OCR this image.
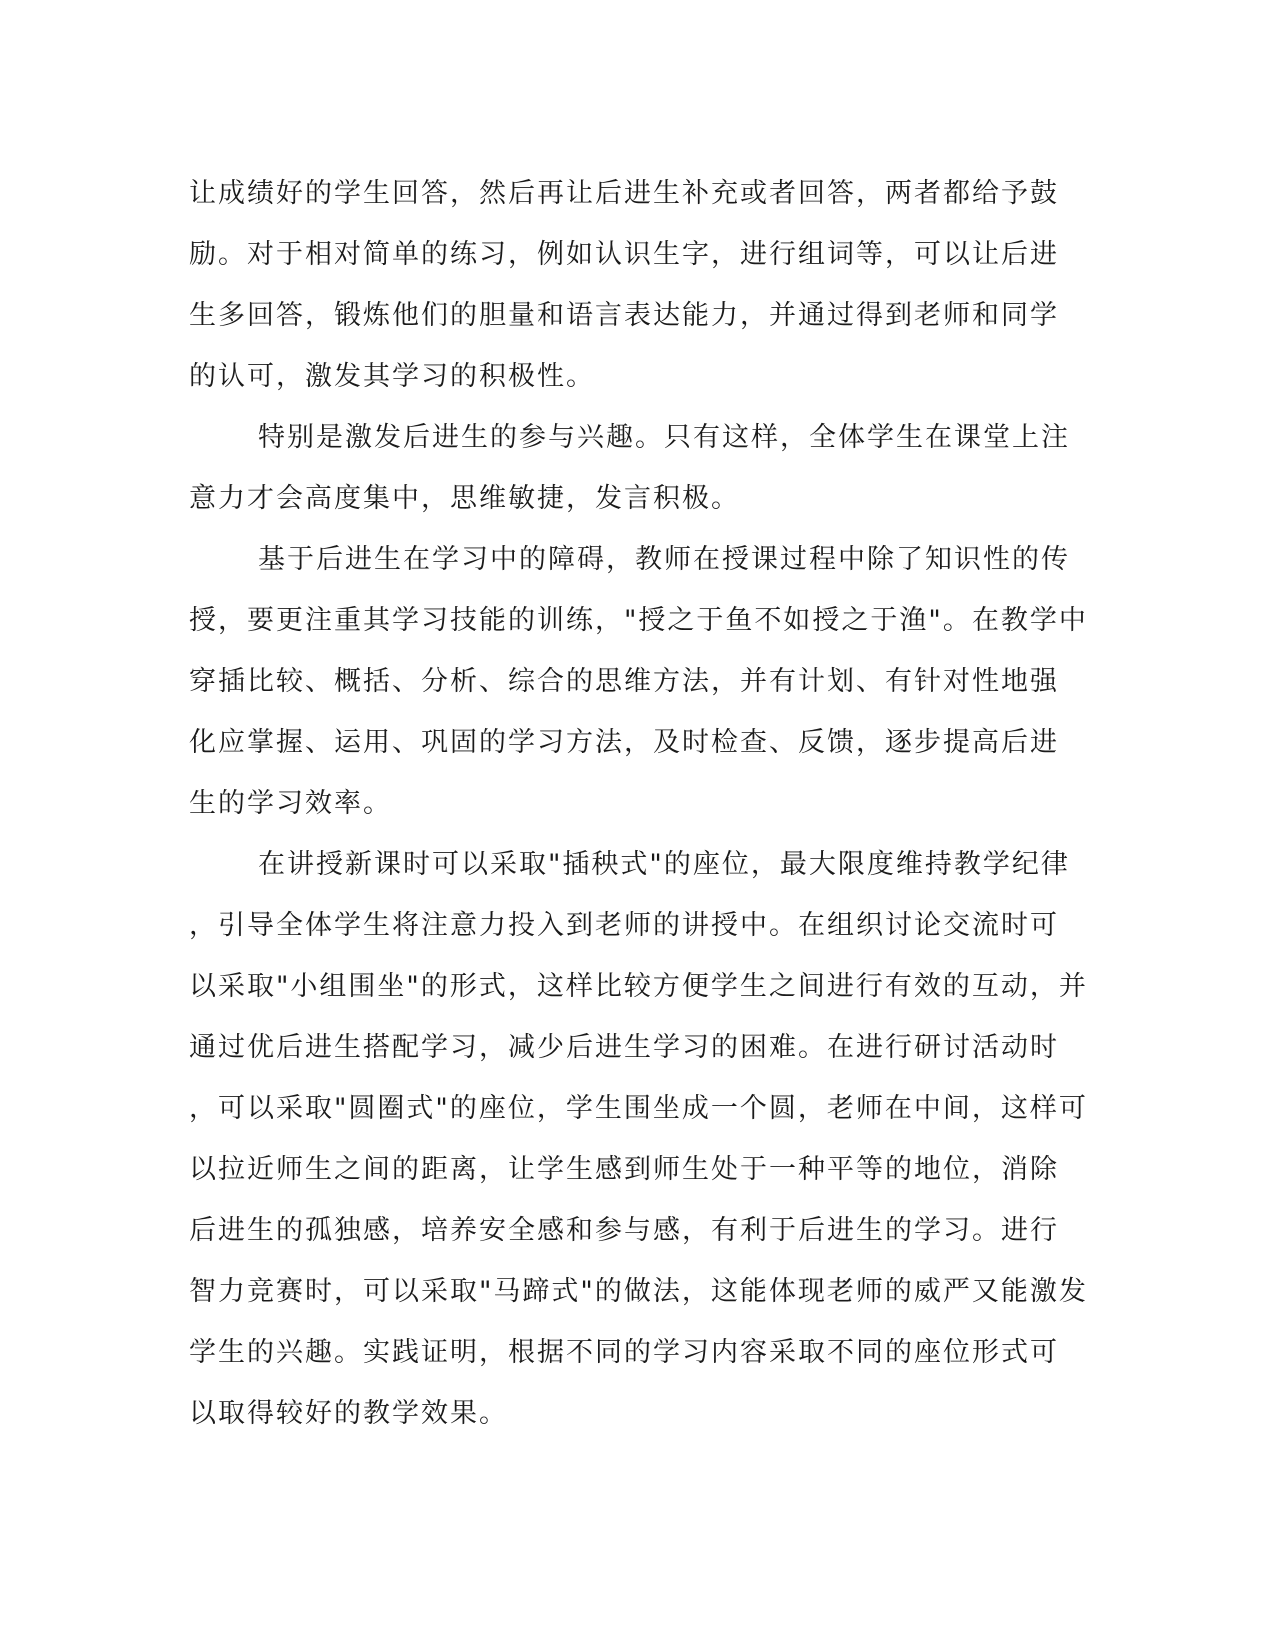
让成绩好的学生回答，然后再让后进生补充或者回答，两者都给予鼓
励。对于相对简单的练习，例如认识生字，进行组词等，可以让后进
生多回答，锻炼他们的胆量和语言表达能力，并通过得到老师和同学
的认可，激发其学习的积极性。
特别是激发后进生的参与兴趣。只有这样，全体学生在课堂上注
意力才会高度集中，思维敏捷，发言积极。
基于后进生在学习中的障碍，教师在授课过程中除了知识性的传
授，要更注重其学习技能的训练，"授之于鱼不如授之于渔"。在教学中
穿插比较、概括、分析、综合的思维方法，并有计划、有针对性地强
化应掌握、运用、巩固的学习方法，及时检查、反馈，逐步提高后进
生的学习效率。
在讲授新课时可以采取"插秧式"的座位，最大限度维持教学纪律
，引导全体学生将注意力投入到老师的讲授中。在组织讨论交流时可
以采取"小组围坐"的形式，这样比较方便学生之间进行有效的互动，并
通过优后进生搭配学习，减少后进生学习的困难。在进行研讨活动时
，可以采取"圆圈式"的座位，学生围坐成一个圆，老师在中间，这样可
以拉近师生之间的距离，让学生感到师生处于一种平等的地位，消除
后进生的孤独感，培养安全感和参与感，有利于后进生的学习。进行
智力竞赛时，可以采取"马蹄式"的做法，这能体现老师的威严又能激发
学生的兴趣。实践证明，根据不同的学习内容采取不同的座位形式可
以取得较好的教学效果。
